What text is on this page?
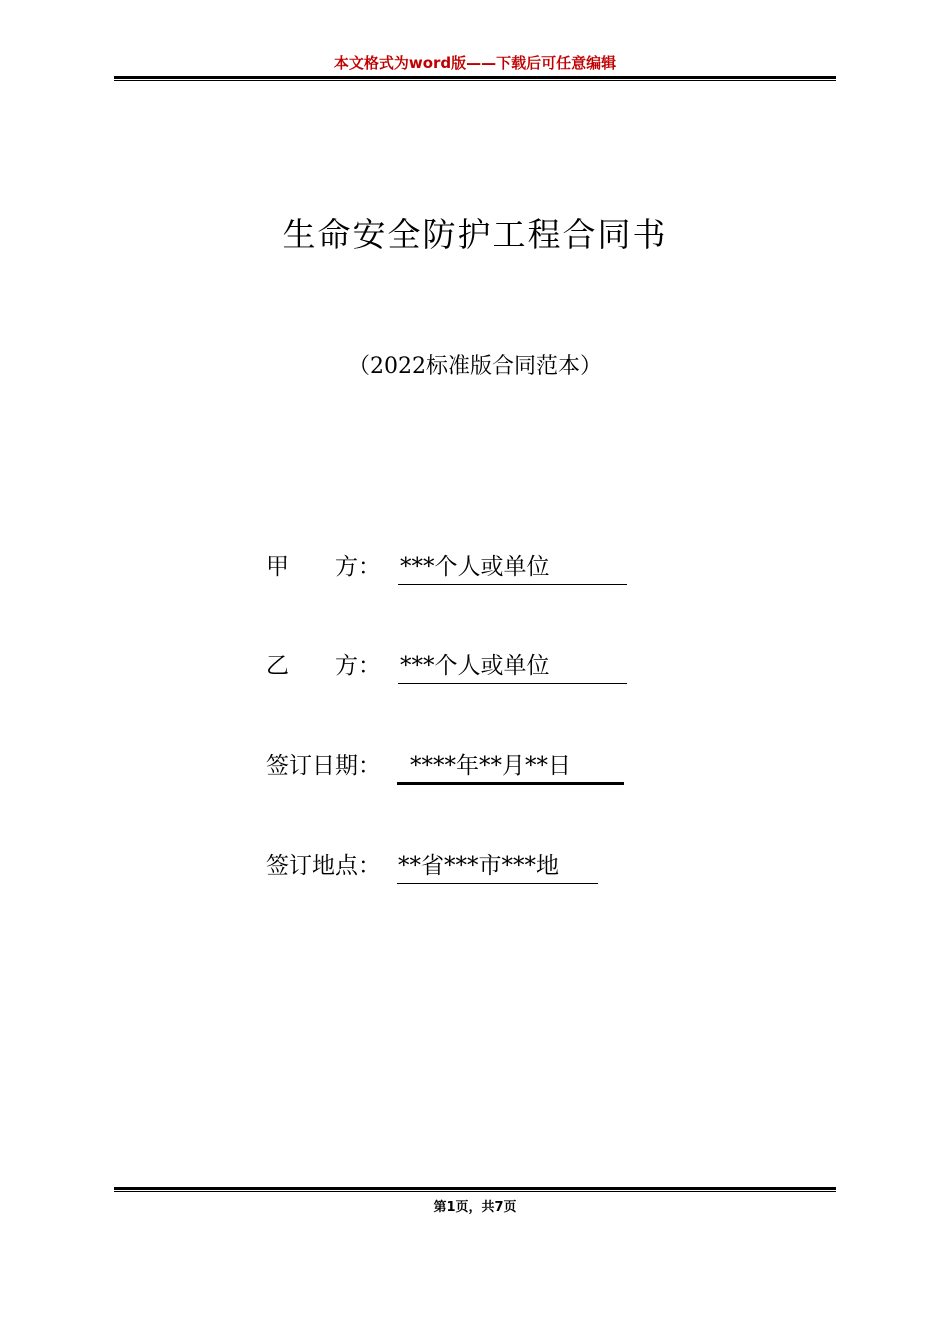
本文格式为word版——下载后可任意编辑
生命安全防护工程合同书
（2022标准版合同范本）
甲　　方： ***个人或单位
乙　　方： ***个人或单位
签订日期： ****年**月**日
签订地点： **省***市***地
第1页，共7页
